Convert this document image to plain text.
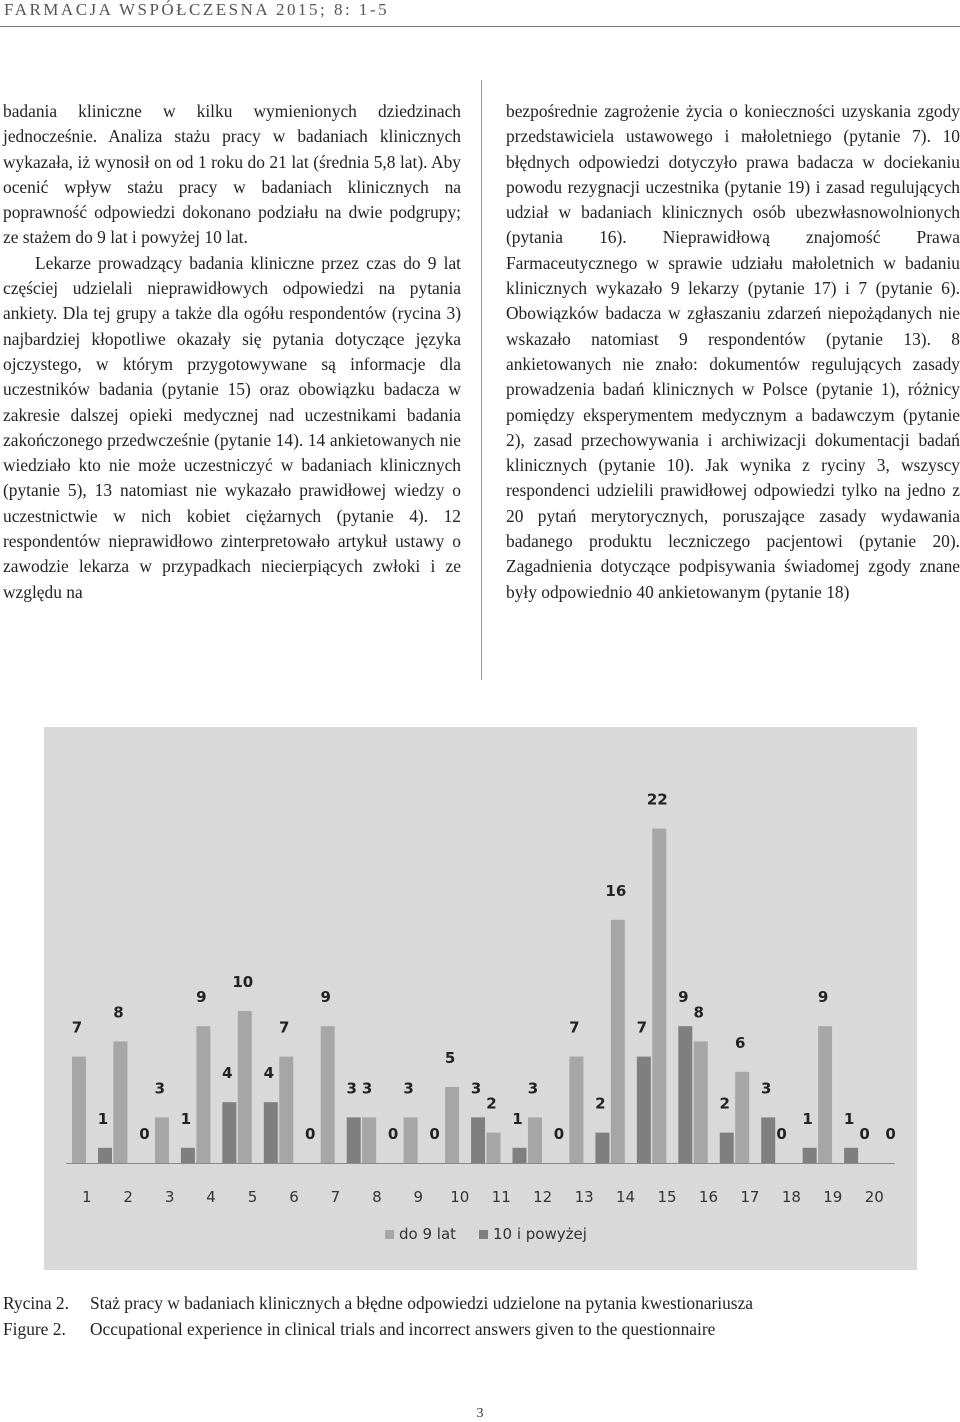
FARMACJA WSPÓŁCZESNA 2015; 8: 1-5

badania kliniczne w kilku wymienionych dziedzinach jednocześnie. Analiza stażu pracy w badaniach klinicznych wykazała, iż wynosił on od 1 roku do 21 lat (średnia 5,8 lat). Aby ocenić wpływ stażu pracy w badaniach klinicznych na poprawność odpowiedzi dokonano podziału na dwie podgrupy; ze stażem do 9 lat i powyżej 10 lat.

Lekarze prowadzący badania kliniczne przez czas do 9 lat częściej udzielali nieprawidłowych odpowiedzi na pytania ankiety. Dla tej grupy a także dla ogółu respondentów (rycina 3) najbardziej kłopotliwe okazały się pytania dotyczące języka ojczystego, w którym przygotowywane są informacje dla uczestników badania (pytanie 15) oraz obowiązku badacza w zakresie dalszej opieki medycznej nad uczestnikami badania zakończonego przedwcześnie (pytanie 14). 14 ankietowanych nie wiedziało kto nie może uczestniczyć w badaniach klinicznych (pytanie 5), 13 natomiast nie wykazało prawidłowej wiedzy o uczestnictwie w nich kobiet ciężarnych (pytanie 4). 12 respondentów nieprawidłowo zinterpretowało artykuł ustawy o zawodzie lekarza w przypadkach niecierpiących zwłoki i ze względu na

bezpośrednie zagrożenie życia o konieczności uzyskania zgody przedstawiciela ustawowego i małoletniego (pytanie 7). 10 błędnych odpowiedzi dotyczyło prawa badacza w dociekaniu powodu rezygnacji uczestnika (pytanie 19) i zasad regulujących udział w badaniach klinicznych osób ubezwłasnowolnionych (pytania 16). Nieprawidłową znajomość Prawa Farmaceutycznego w sprawie udziału małoletnich w badaniu klinicznych wykazało 9 lekarzy (pytanie 17) i 7 (pytanie 6). Obowiązków badacza w zgłaszaniu zdarzeń niepożądanych nie wskazało natomiast 9 respondentów (pytanie 13). 8 ankietowanych nie znało: dokumentów regulujących zasady prowadzenia badań klinicznych w Polsce (pytanie 1), różnicy pomiędzy eksperymentem medycznym a badawczym (pytanie 2), zasad przechowywania i archiwizacji dokumentacji badań klinicznych (pytanie 10). Jak wynika z ryciny 3, wszyscy respondenci udzielili prawidłowej odpowiedzi tylko na jedno z 20 pytań merytorycznych, poruszające zasady wydawania badanego produktu leczniczego pacjentowi (pytanie 20). Zagadnienia dotyczące podpisywania świadomej zgody znane były odpowiednio 40 ankietowanym (pytanie 18)

7
1
1
8
0
2
3
1
3
9
4
4
10
4
5
7
0
6
9
3
7
3
0
8
3
0
9
5
3
10
2
1
11
3
0
12
7
2
13
16
7
14
22
9
15
8
2
16
6
3
17
0
1
18
9
1
19
0 0
20
do 9 lat 10 i powyżej
Rycina 2. Staż pracy w badaniach klinicznych a błędne odpowiedzi udzielone na pytania kwestionariusza
Figure 2. Occupational experience in clinical trials and incorrect answers given to the questionnaire
3
